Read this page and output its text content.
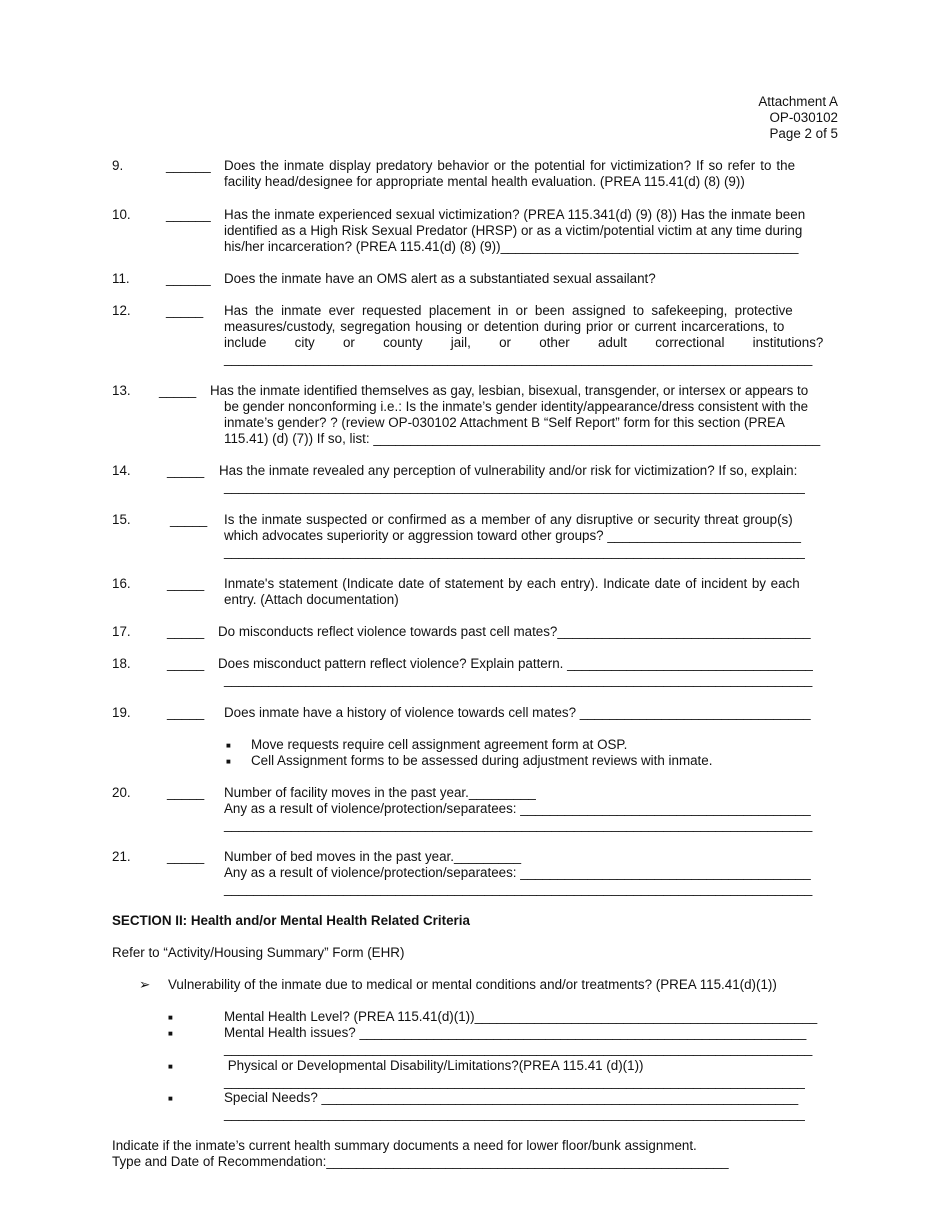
Attachment A
OP-030102
Page 2 of 5
9.	______ Does the inmate display predatory behavior or the potential for victimization? If so refer to the
facility head/designee for appropriate mental health evaluation. (PREA 115.41(d) (8) (9))
10.	______ Has the inmate experienced sexual victimization? (PREA 115.341(d) (9) (8)) Has the inmate been
identified as a High Risk Sexual Predator (HRSP) or as a victim/potential victim at any time during
his/her incarceration? (PREA 115.41(d) (8) (9))________________________________________
11.	______ Does the inmate have an OMS alert as a substantiated sexual assailant?
12.	_____ Has the inmate ever requested placement in or been assigned to safekeeping, protective
measures/custody, segregation housing or detention during prior or current incarcerations, to
include city or county jail, or other adult correctional institutions?
_______________________________________________________________________________
13. _____ Has the inmate identified themselves as gay, lesbian, bisexual, transgender, or intersex or appears to
be gender nonconforming i.e.: Is the inmate’s gender identity/appearance/dress consistent with the
inmate’s gender? ? (review OP-030102 Attachment B “Self Report” form for this section (PREA
115.41) (d) (7)) If so, list: ____________________________________________________________
14.	_____ Has the inmate revealed any perception of vulnerability and/or risk for victimization? If so, explain:
______________________________________________________________________________
15.	_____ Is the inmate suspected or confirmed as a member of any disruptive or security threat group(s)
which advocates superiority or aggression toward other groups? __________________________
______________________________________________________________________________
16.	_____ Inmate's statement (Indicate date of statement by each entry). Indicate date of incident by each
entry. (Attach documentation)
17.	_____ Do misconducts reflect violence towards past cell mates?__________________________________
18.	_____ Does misconduct pattern reflect violence? Explain pattern. _________________________________
_______________________________________________________________________________
19.	_____ Does inmate have a history of violence towards cell mates? _______________________________
■ Move requests require cell assignment agreement form at OSP.
■ Cell Assignment forms to be assessed during adjustment reviews with inmate.
20.	_____ Number of facility moves in the past year._________
Any as a result of violence/protection/separatees: _______________________________________
_______________________________________________________________________________
21.	_____ Number of bed moves in the past year._________
Any as a result of violence/protection/separatees: _______________________________________
_______________________________________________________________________________
SECTION II: Health and/or Mental Health Related Criteria
Refer to “Activity/Housing Summary” Form (EHR)
➢ Vulnerability of the inmate due to medical or mental conditions and/or treatments? (PREA 115.41(d)(1))
■	Mental Health Level? (PREA 115.41(d)(1))______________________________________________
■	Mental Health issues? ____________________________________________________________
_______________________________________________________________________________
■	Physical or Developmental Disability/Limitations?(PREA 115.41 (d)(1))
______________________________________________________________________________
■	Special Needs? ________________________________________________________________
______________________________________________________________________________
Indicate if the inmate’s current health summary documents a need for lower floor/bunk assignment.
Type and Date of Recommendation:______________________________________________________
